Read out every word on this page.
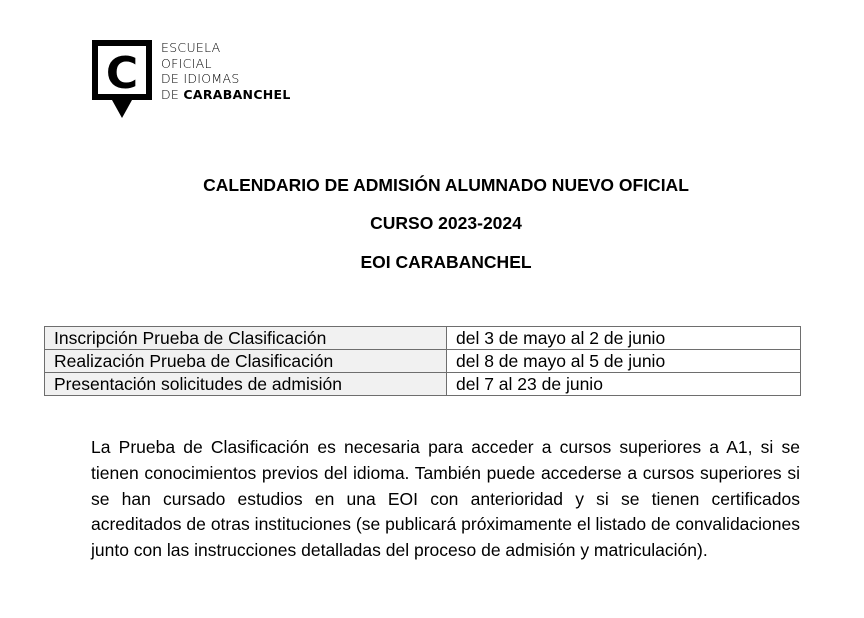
C
ESCUELA
OFICIAL
DE IDIOMAS
DE CARABANCHEL
CALENDARIO DE ADMISIÓN ALUMNADO NUEVO OFICIAL
CURSO 2023-2024
EOI CARABANCHEL
Inscripción Prueba de Clasificación	del 3 de mayo al 2 de junio
Realización Prueba de Clasificación	del 8 de mayo al 5 de junio
Presentación solicitudes de admisión	del 7 al 23 de junio
La Prueba de Clasificación es necesaria para acceder a cursos superiores a A1, si se tienen conocimientos previos del idioma. También puede accederse a cursos superiores si se han cursado estudios en una EOI con anterioridad y si se tienen certificados acreditados de otras instituciones (se publicará próximamente el listado de convalidaciones junto con las instrucciones detalladas del proceso de admisión y matriculación).
